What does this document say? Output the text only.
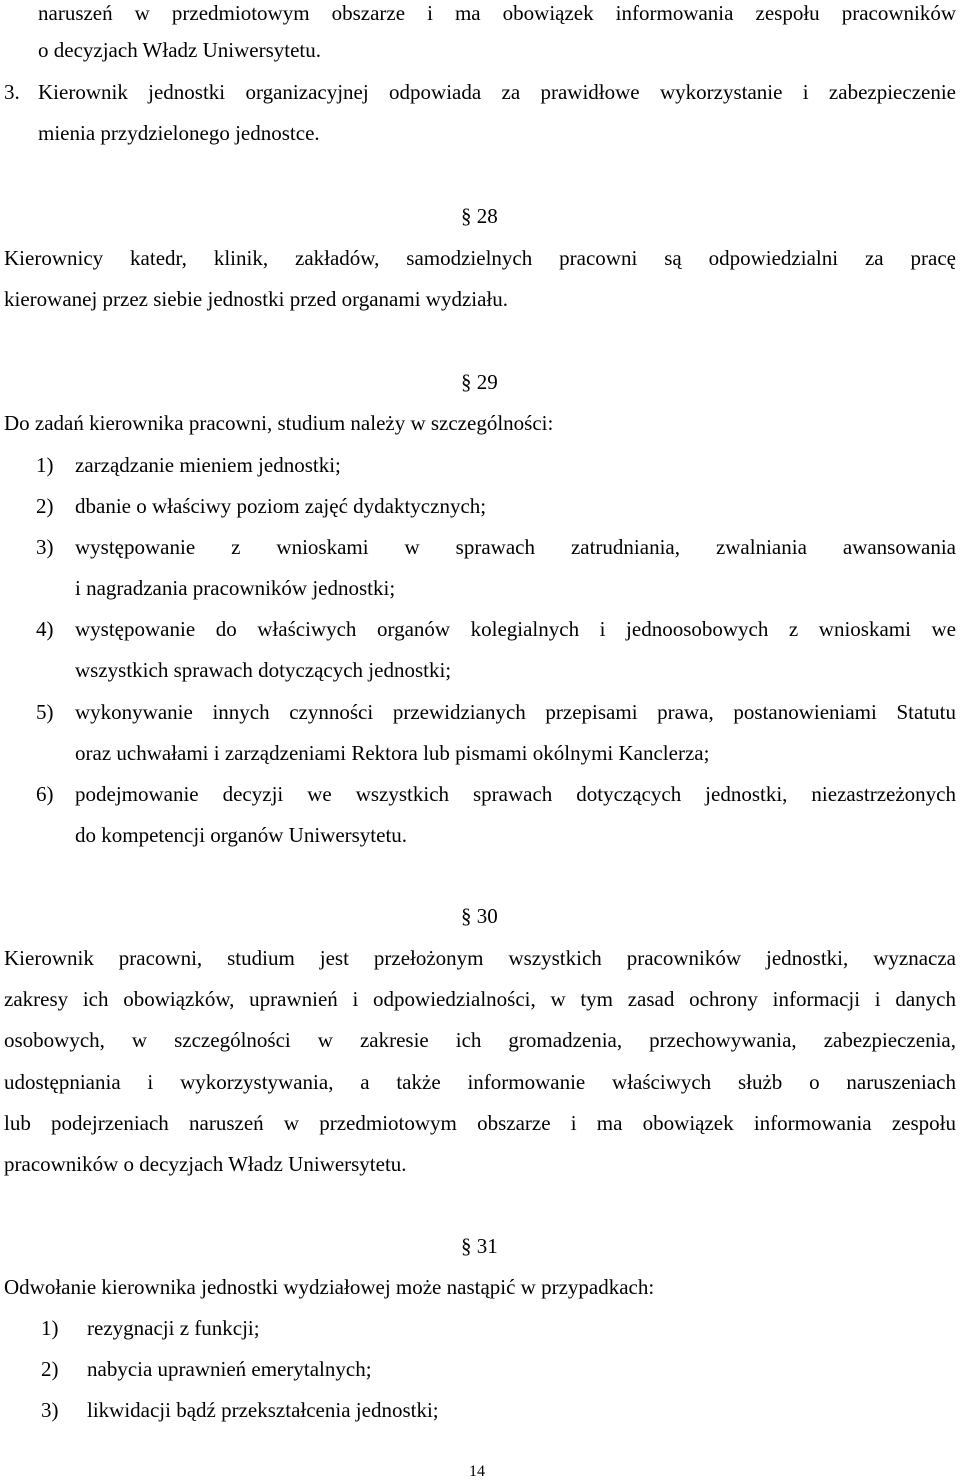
naruszeń w przedmiotowym obszarze i ma obowiązek informowania zespołu pracowników
o decyzjach Władz Uniwersytetu.
3. Kierownik jednostki organizacyjnej odpowiada za prawidłowe wykorzystanie i zabezpieczenie
mienia przydzielonego jednostce.
§ 28
Kierownicy katedr, klinik, zakładów, samodzielnych pracowni są odpowiedzialni za pracę
kierowanej przez siebie jednostki przed organami wydziału.
§ 29
Do zadań kierownika pracowni, studium należy w szczególności:
1) zarządzanie mieniem jednostki;
2) dbanie o właściwy poziom zajęć dydaktycznych;
3) występowanie z wnioskami w sprawach zatrudniania, zwalniania awansowania
i nagradzania pracowników jednostki;
4) występowanie do właściwych organów kolegialnych i jednoosobowych z wnioskami we
wszystkich sprawach dotyczących jednostki;
5) wykonywanie innych czynności przewidzianych przepisami prawa, postanowieniami Statutu
oraz uchwałami i zarządzeniami Rektora lub pismami okólnymi Kanclerza;
6) podejmowanie decyzji we wszystkich sprawach dotyczących jednostki, niezastrzeżonych
do kompetencji organów Uniwersytetu.
§ 30
Kierownik pracowni, studium jest przełożonym wszystkich pracowników jednostki, wyznacza
zakresy ich obowiązków, uprawnień i odpowiedzialności, w tym zasad ochrony informacji i danych
osobowych, w szczególności w zakresie ich gromadzenia, przechowywania, zabezpieczenia,
udostępniania i wykorzystywania, a także informowanie właściwych służb o naruszeniach
lub podejrzeniach naruszeń w przedmiotowym obszarze i ma obowiązek informowania zespołu
pracowników o decyzjach Władz Uniwersytetu.
§ 31
Odwołanie kierownika jednostki wydziałowej może nastąpić w przypadkach:
1) rezygnacji z funkcji;
2) nabycia uprawnień emerytalnych;
3) likwidacji bądź przekształcenia jednostki;
14
